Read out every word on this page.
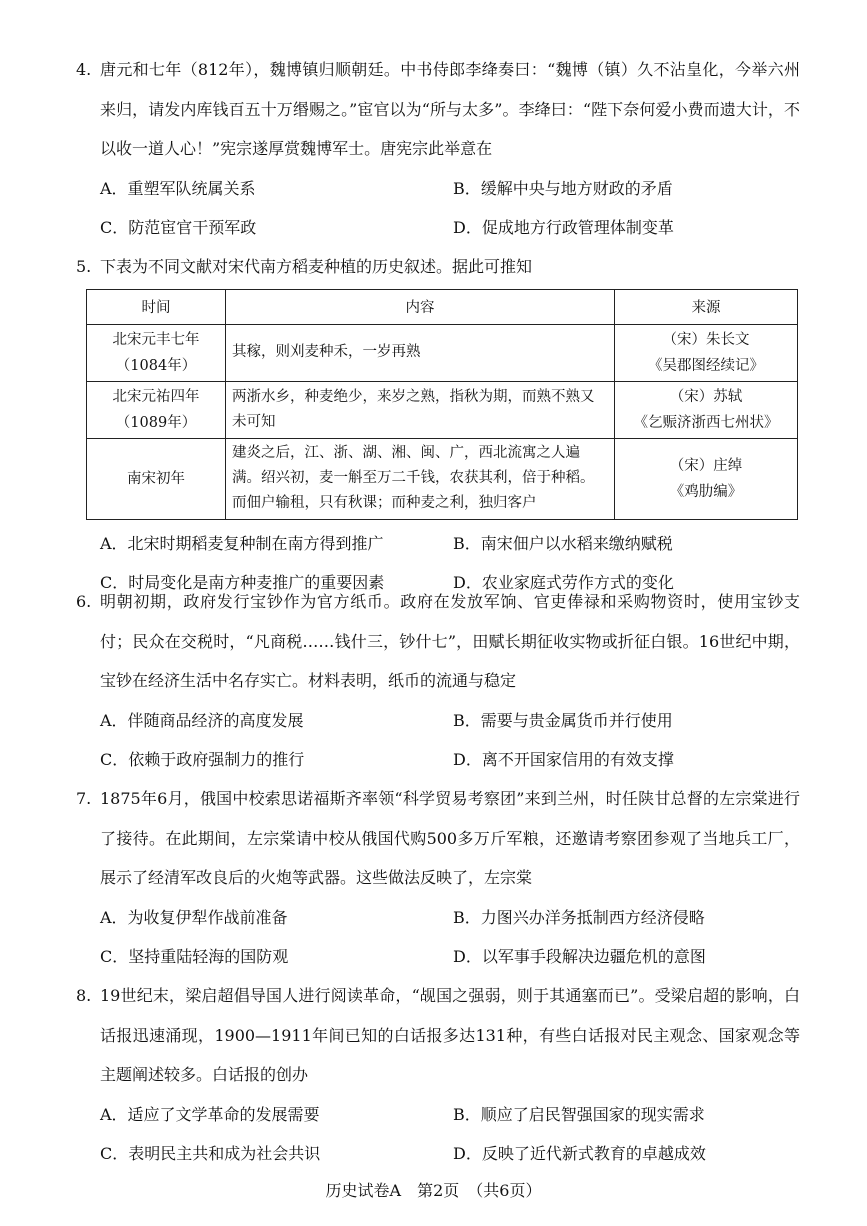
4. 唐元和七年（812年），魏博镇归顺朝廷。中书侍郎李绛奏曰：“魏博（镇）久不沾皇化，今举六州来归，请发内库钱百五十万缗赐之。”宦官以为“所与太多”。李绛曰：“陛下奈何爱小费而遗大计，不以收一道人心！”宪宗遂厚赏魏博军士。唐宪宗此举意在

A．重塑军队统属关系	B．缓解中央与地方财政的矛盾
C．防范宦官干预军政	D．促成地方行政管理体制变革
5. 下表为不同文献对宋代南方稻麦种植的历史叙述。据此可推知

时间	内容	来源
北宋元丰七年（1084年）	其稼，则刈麦种禾，一岁再熟	（宋）朱长文
《吴郡图经续记》

北宋元祐四年（1089年）	两浙水乡，种麦绝少，来岁之熟，指秋为期，而熟不熟又未可知	（宋）苏轼
《乞赈济浙西七州状》

南宋初年	建炎之后，江、浙、湖、湘、闽、广，西北流寓之人遍满。绍兴初，麦一斛至万二千钱，农获其利，倍于种稻。而佃户输租，只有秋课；而种麦之利，独归客户	（宋）庄绰
《鸡肋编》
A．北宋时期稻麦复种制在南方得到推广	B．南宋佃户以水稻来缴纳赋税
C．时局变化是南方种麦推广的重要因素	D．农业家庭式劳作方式的变化
6. 明朝初期，政府发行宝钞作为官方纸币。政府在发放军饷、官吏俸禄和采购物资时，使用宝钞支付；民众在交税时，“凡商税……钱什三，钞什七”，田赋长期征收实物或折征白银。16世纪中期，宝钞在经济生活中名存实亡。材料表明，纸币的流通与稳定

A．伴随商品经济的高度发展	B．需要与贵金属货币并行使用
C．依赖于政府强制力的推行	D．离不开国家信用的有效支撑
7. 1875年6月，俄国中校索思诺福斯齐率领“科学贸易考察团”来到兰州，时任陕甘总督的左宗棠进行了接待。在此期间，左宗棠请中校从俄国代购500多万斤军粮，还邀请考察团参观了当地兵工厂，展示了经清军改良后的火炮等武器。这些做法反映了，左宗棠

A．为收复伊犁作战前准备	B．力图兴办洋务抵制西方经济侵略
C．坚持重陆轻海的国防观	D．以军事手段解决边疆危机的意图
8. 19世纪末，梁启超倡导国人进行阅读革命，“觇国之强弱，则于其通塞而已”。受梁启超的影响，白话报迅速涌现，1900—1911年间已知的白话报多达131种，有些白话报对民主观念、国家观念等主题阐述较多。白话报的创办

A．适应了文学革命的发展需要	B．顺应了启民智强国家的现实需求
C．表明民主共和成为社会共识	D．反映了近代新式教育的卓越成效
历史试卷A　第2页　（共6页）
